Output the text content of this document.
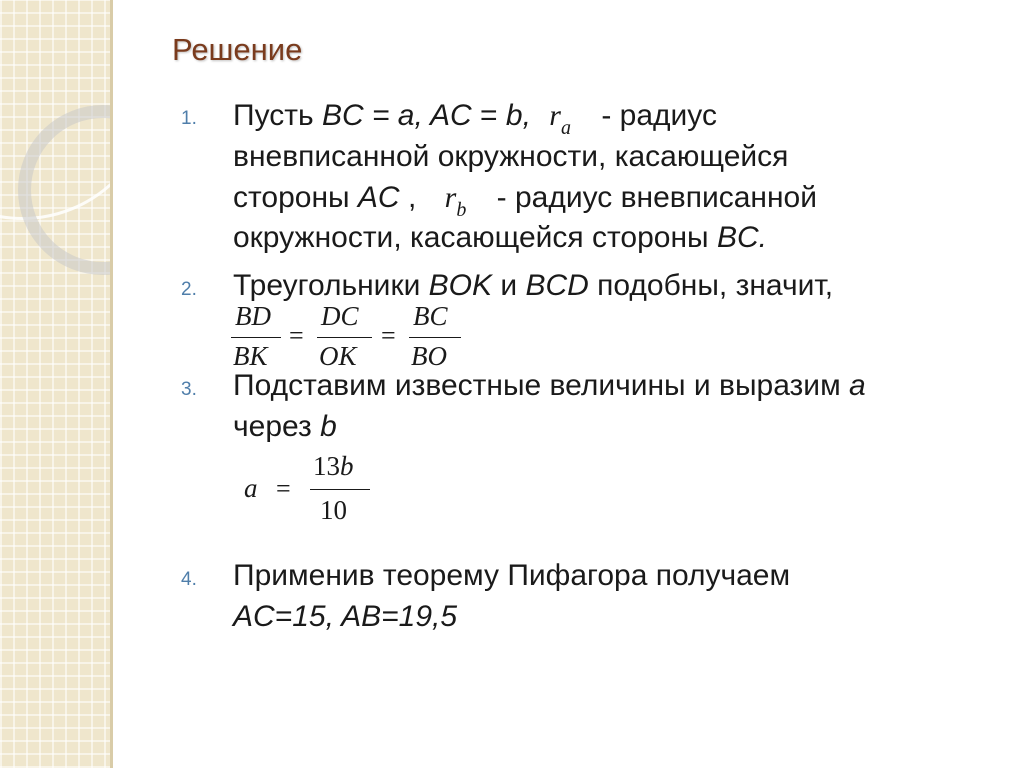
Решение
1. Пусть BC = a, AC = b, $r_a$ - радиус
вневписанной окружности, касающейся
стороны AC , $r_b$ - радиус вневписанной
окружности, касающейся стороны BC.
2. Треугольники BOK и BCD подобны, значит,
BD
BK
=
DC
OK
=
BC
BO
3. Подставим известные величины и выразим a
через b
a =
13b
10
4. Применив теорему Пифагора получаем
AC=15, AB=19,5
